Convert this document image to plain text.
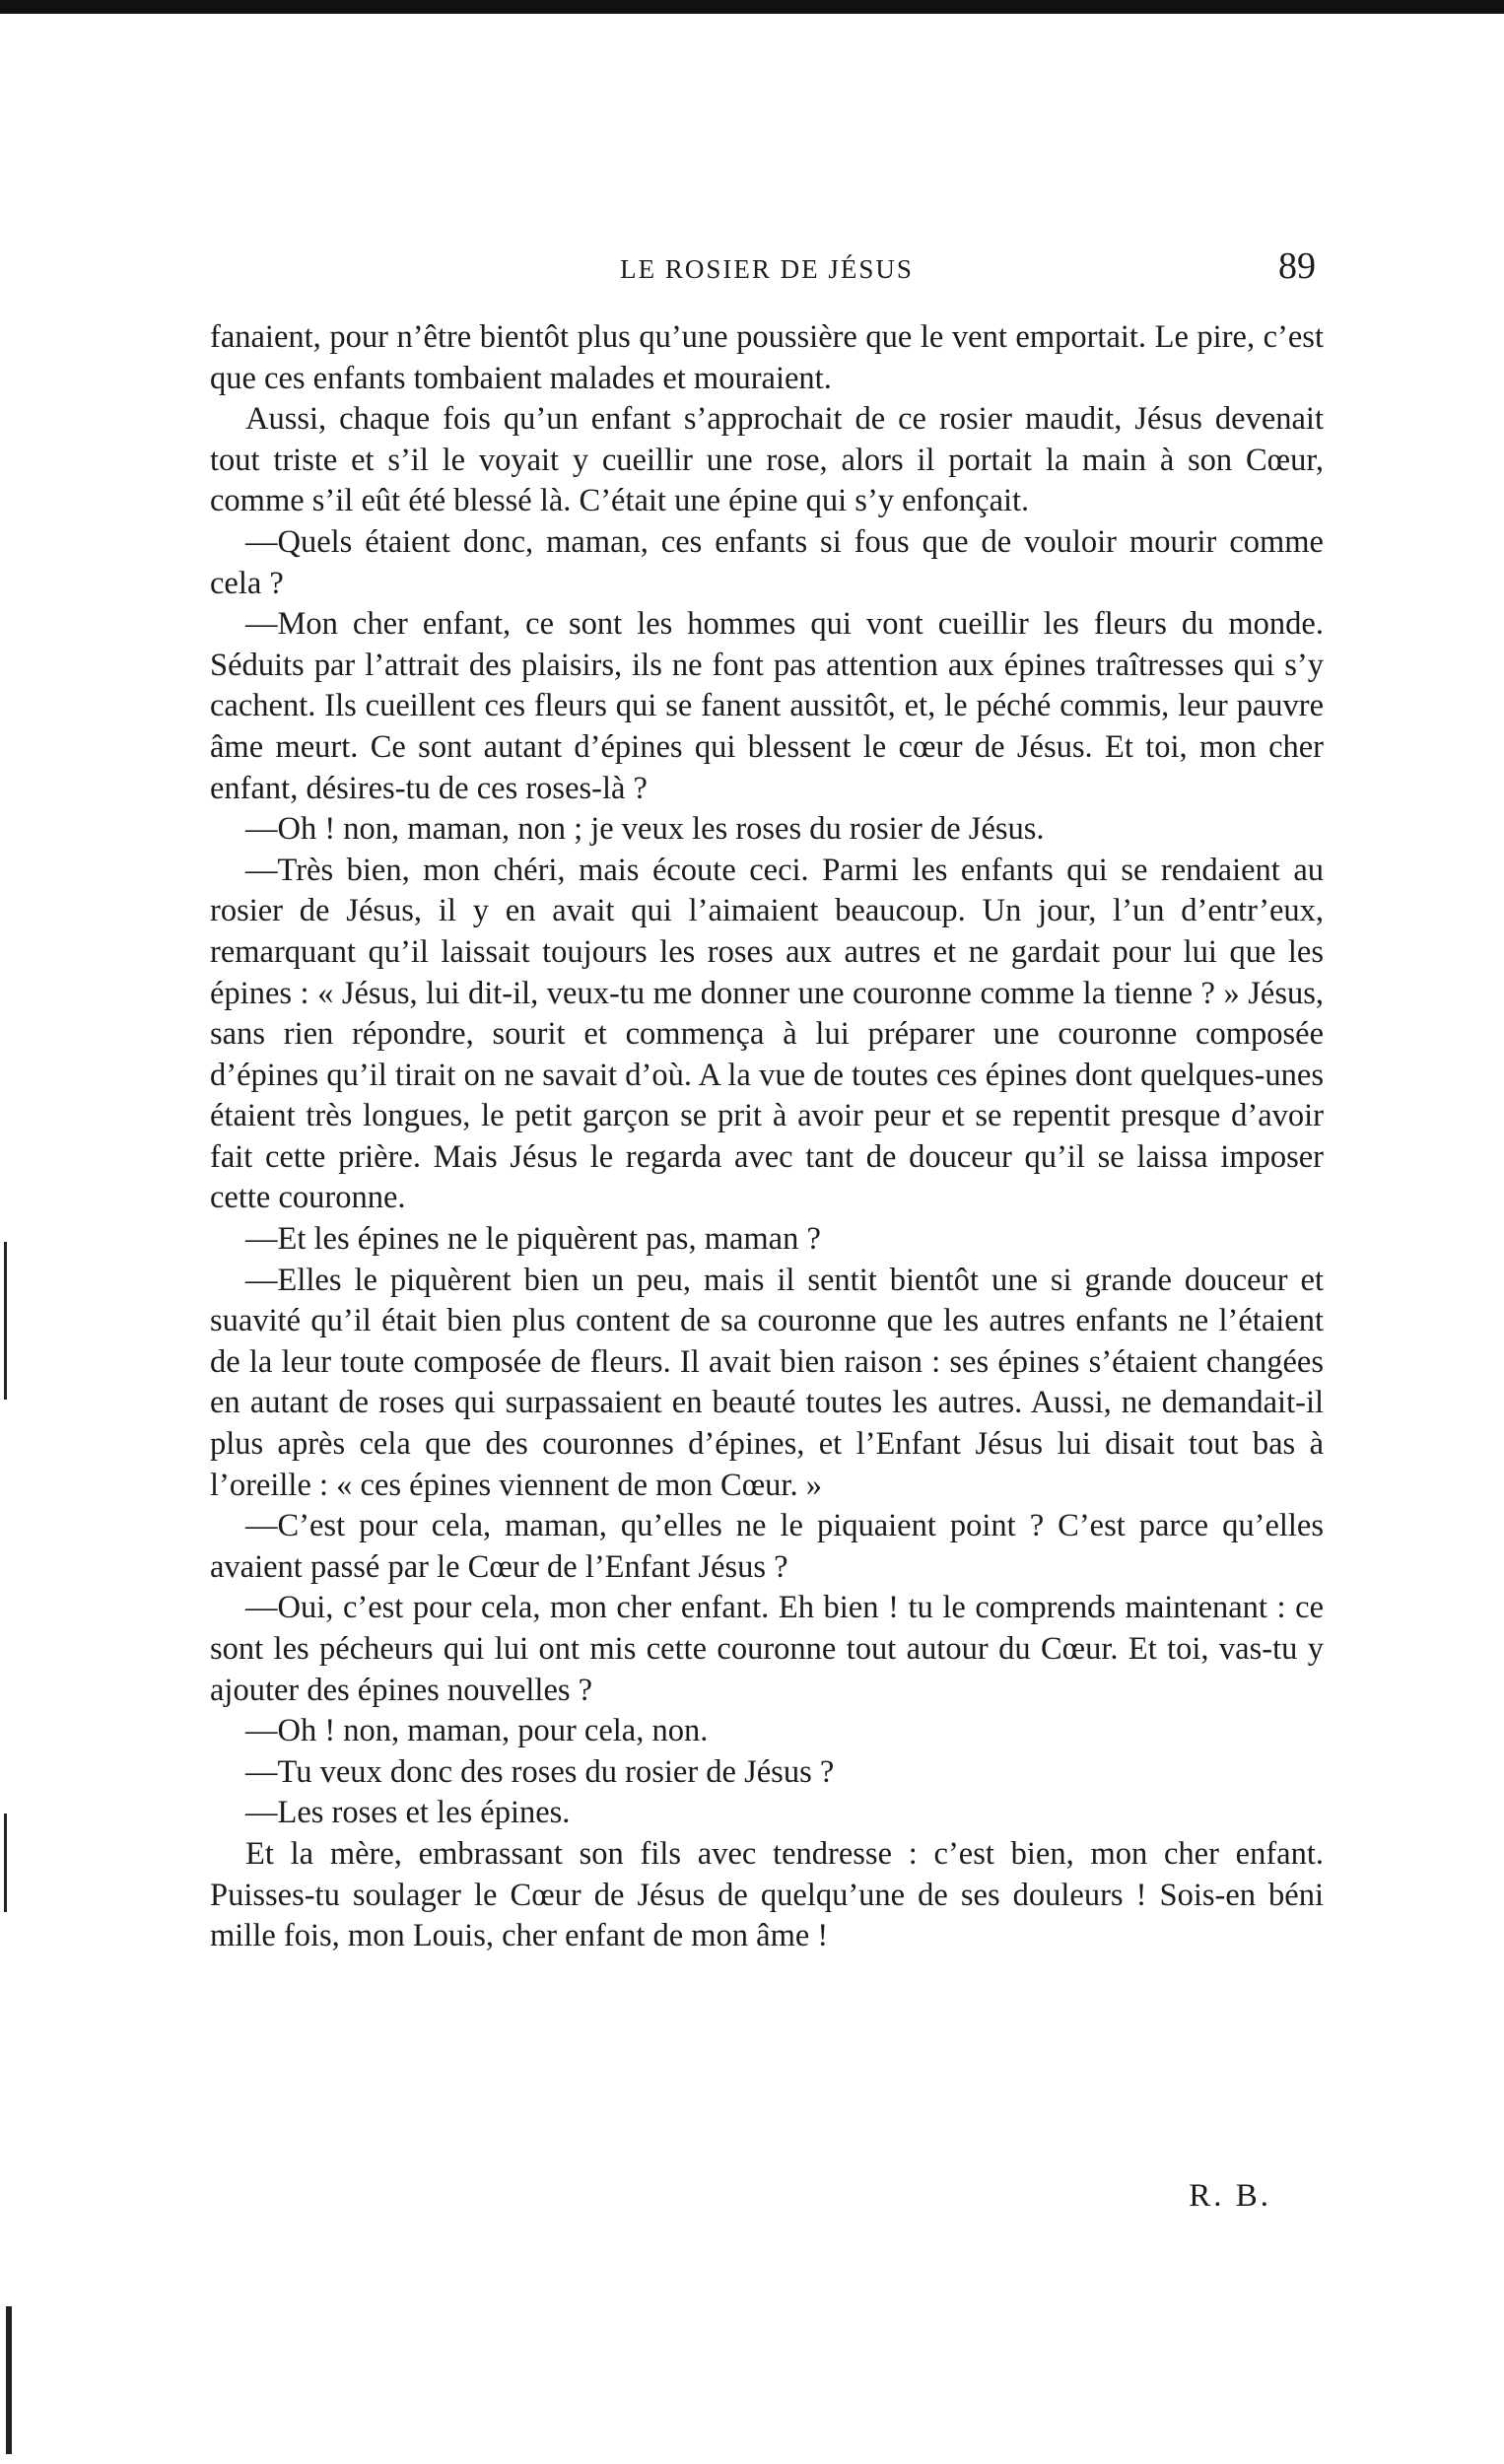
LE ROSIER DE JÉSUS	89

fanaient, pour n’être bientôt plus qu’une poussière que le vent emportait. Le pire, c’est que ces enfants tombaient malades et mouraient.

Aussi, chaque fois qu’un enfant s’approchait de ce rosier maudit, Jésus devenait tout triste et s’il le voyait y cueillir une rose, alors il portait la main à son Cœur, comme s’il eût été blessé là. C’était une épine qui s’y enfonçait.

—Quels étaient donc, maman, ces enfants si fous que de vouloir mourir comme cela ?

—Mon cher enfant, ce sont les hommes qui vont cueillir les fleurs du monde. Séduits par l’attrait des plaisirs, ils ne font pas attention aux épines traîtresses qui s’y cachent. Ils cueillent ces fleurs qui se fanent aussitôt, et, le péché commis, leur pauvre âme meurt. Ce sont autant d’épines qui blessent le cœur de Jésus. Et toi, mon cher enfant, désires-tu de ces roses-là ?

—Oh ! non, maman, non ; je veux les roses du rosier de Jésus.

—Très bien, mon chéri, mais écoute ceci. Parmi les enfants qui se rendaient au rosier de Jésus, il y en avait qui l’aimaient beaucoup. Un jour, l’un d’entr’eux, remarquant qu’il laissait toujours les roses aux autres et ne gardait pour lui que les épines : « Jésus, lui dit-il, veux-tu me donner une couronne comme la tienne ? » Jésus, sans rien répondre, sourit et commença à lui préparer une couronne composée d’épines qu’il tirait on ne savait d’où. A la vue de toutes ces épines dont quelques-unes étaient très longues, le petit garçon se prit à avoir peur et se repentit presque d’avoir fait cette prière. Mais Jésus le regarda avec tant de douceur qu’il se laissa imposer cette couronne.

—Et les épines ne le piquèrent pas, maman ?

—Elles le piquèrent bien un peu, mais il sentit bientôt une si grande douceur et suavité qu’il était bien plus content de sa couronne que les autres enfants ne l’étaient de la leur toute composée de fleurs. Il avait bien raison : ses épines s’étaient changées en autant de roses qui surpassaient en beauté toutes les autres. Aussi, ne demandait-il plus après cela que des couronnes d’épines, et l’Enfant Jésus lui disait tout bas à l’oreille : « ces épines viennent de mon Cœur. »

—C’est pour cela, maman, qu’elles ne le piquaient point ? C’est parce qu’elles avaient passé par le Cœur de l’Enfant Jésus ?

—Oui, c’est pour cela, mon cher enfant. Eh bien ! tu le comprends maintenant : ce sont les pécheurs qui lui ont mis cette couronne tout autour du Cœur. Et toi, vas-tu y ajouter des épines nouvelles ?

—Oh ! non, maman, pour cela, non.

—Tu veux donc des roses du rosier de Jésus ?

—Les roses et les épines.

Et la mère, embrassant son fils avec tendresse : c’est bien, mon cher enfant. Puisses-tu soulager le Cœur de Jésus de quelqu’une de ses douleurs ! Sois-en béni mille fois, mon Louis, cher enfant de mon âme !

R. B.
